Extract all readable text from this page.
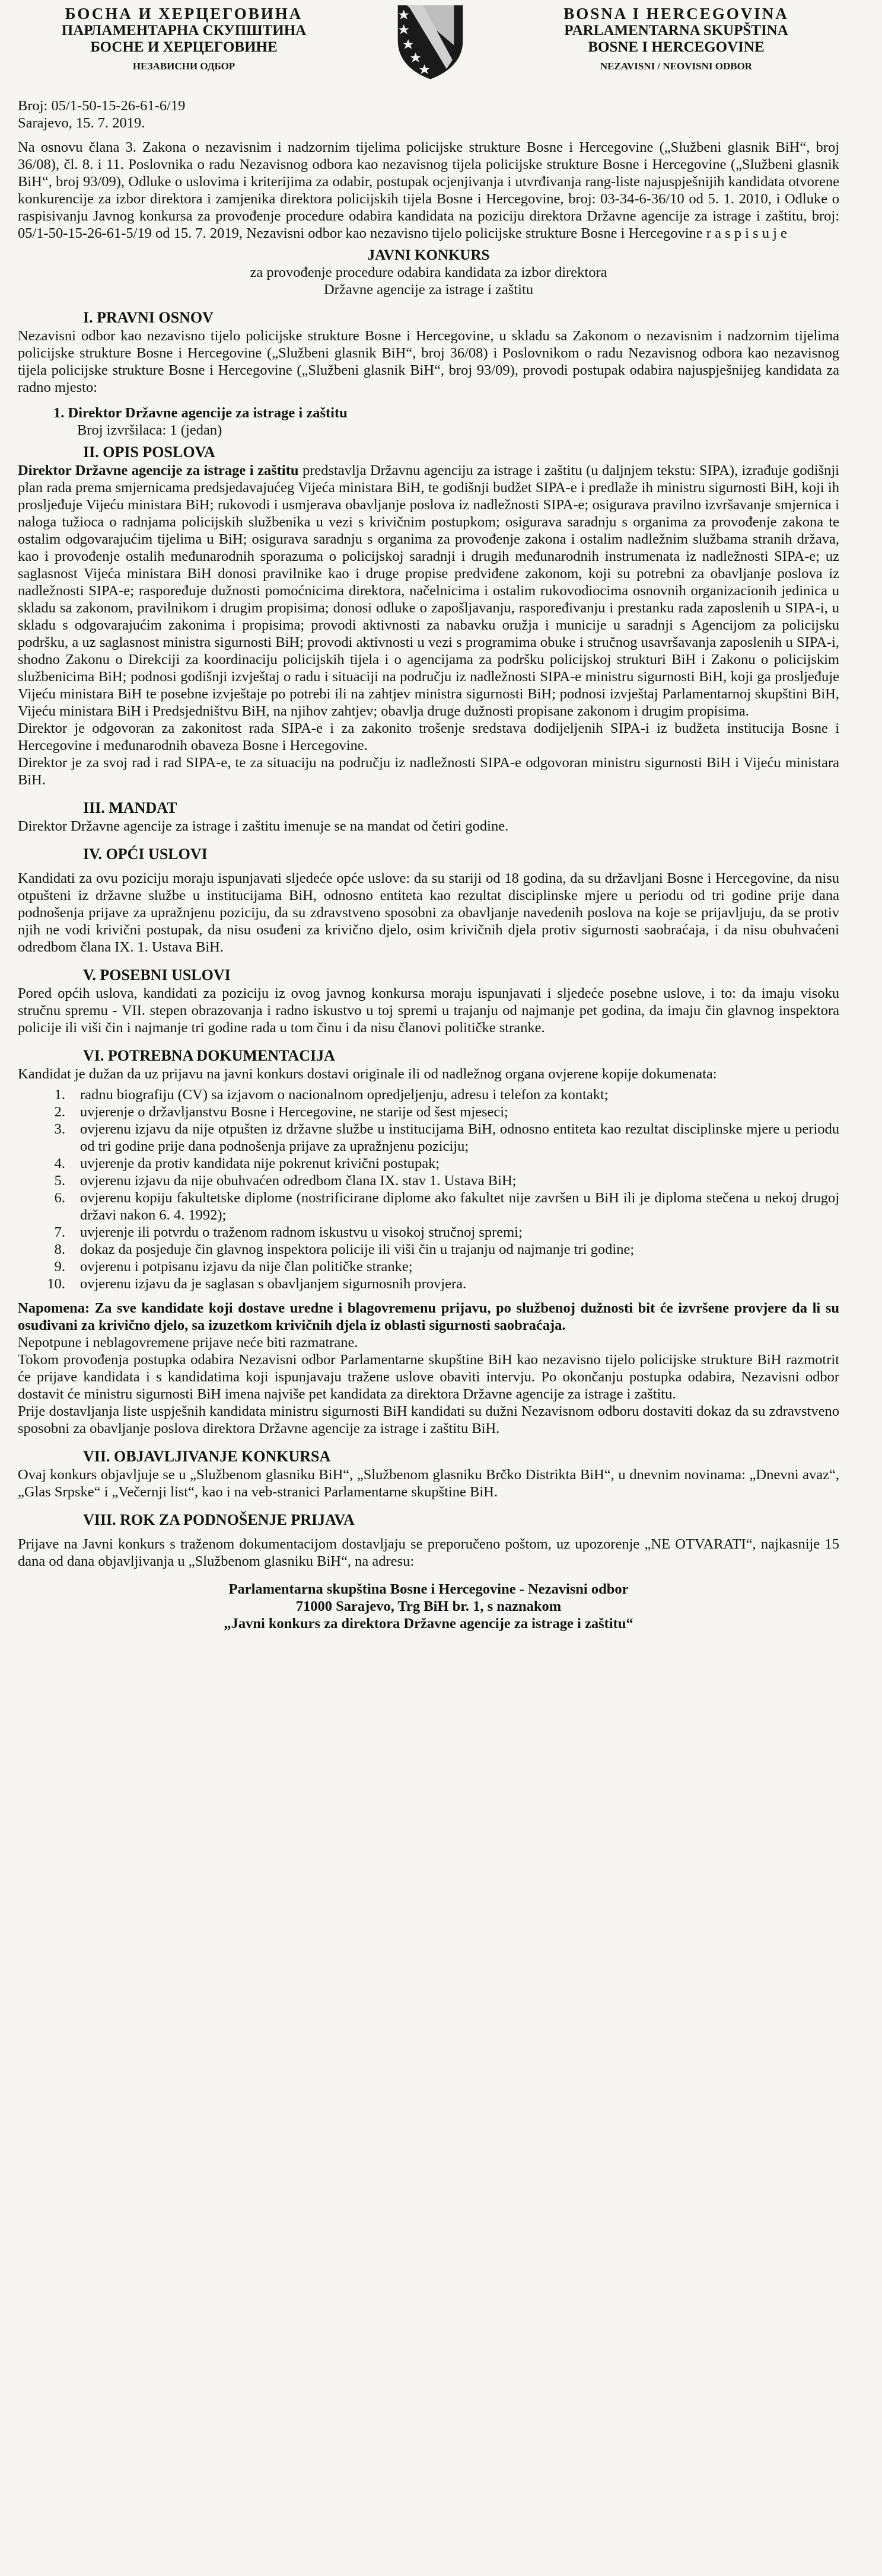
БОСНА И ХЕРЦЕГОВИНА
ПАРЛАМЕНТАРНА СКУПШТИНА
БОСНЕ И ХЕРЦЕГОВИНЕ
НЕЗАВИСНИ ОДБОР
BOSNA I HERCEGOVINA
PARLAMENTARNA SKUPŠTINA
BOSNE I HERCEGOVINE
NEZAVISNI / NEOVISNI ODBOR
Broj: 05/1-50-15-26-61-6/19
Sarajevo, 15. 7. 2019.

Na osnovu člana 3. Zakona o nezavisnim i nadzornim tijelima policijske strukture Bosne i Hercegovine („Službeni glasnik BiH“, broj 36/08), čl. 8. i 11. Poslovnika o radu Nezavisnog odbora kao nezavisnog tijela policijske strukture Bosne i Hercegovine („Službeni glasnik BiH“, broj 93/09), Odluke o uslovima i kriterijima za odabir, postupak ocjenjivanja i utvrđivanja rang-liste najuspješnijih kandidata otvorene konkurencije za izbor direktora i zamjenika direktora policijskih tijela Bosne i Hercegovine, broj: 03-34-6-36/10 od 5. 1. 2010, i Odluke o raspisivanju Javnog konkursa za provođenje procedure odabira kandidata na poziciju direktora Državne agencije za istrage i zaštitu, broj: 05/1-50-15-26-61-5/19 od 15. 7. 2019, Nezavisni odbor kao nezavisno tijelo policijske strukture Bosne i Hercegovine r a s p i s u j e

JAVNI KONKURS
za provođenje procedure odabira kandidata za izbor direktora
Državne agencije za istrage i zaštitu
I. PRAVNI OSNOV

Nezavisni odbor kao nezavisno tijelo policijske strukture Bosne i Hercegovine, u skladu sa Zakonom o nezavisnim i nadzornim tijelima policijske strukture Bosne i Hercegovine („Službeni glasnik BiH“, broj 36/08) i Poslovnikom o radu Nezavisnog odbora kao nezavisnog tijela policijske strukture Bosne i Hercegovine („Službeni glasnik BiH“, broj 93/09), provodi postupak odabira najuspješnijeg kandidata za radno mjesto:

1. Direktor Državne agencije za istrage i zaštitu
Broj izvršilaca: 1 (jedan)
II. OPIS POSLOVA

Direktor Državne agencije za istrage i zaštitu predstavlja Državnu agenciju za istrage i zaštitu (u daljnjem tekstu: SIPA), izrađuje godišnji plan rada prema smjernicama predsjedavajućeg Vijeća ministara BiH, te godišnji budžet SIPA-e i predlaže ih ministru sigurnosti BiH, koji ih prosljeđuje Vijeću ministara BiH; rukovodi i usmjerava obavljanje poslova iz nadležnosti SIPA-e; osigurava pravilno izvršavanje smjernica i naloga tužioca o radnjama policijskih službenika u vezi s krivičnim postupkom; osigurava saradnju s organima za provođenje zakona te ostalim odgovarajućim tijelima u BiH; osigurava saradnju s organima za provođenje zakona i ostalim nadležnim službama stranih država, kao i provođenje ostalih međunarodnih sporazuma o policijskoj saradnji i drugih međunarodnih instrumenata iz nadležnosti SIPA-e; uz saglasnost Vijeća ministara BiH donosi pravilnike kao i druge propise predviđene zakonom, koji su potrebni za obavljanje poslova iz nadležnosti SIPA-e; raspoređuje dužnosti pomoćnicima direktora, načelnicima i ostalim rukovodiocima osnovnih organizacionih jedinica u skladu sa zakonom, pravilnikom i drugim propisima; donosi odluke o zapošljavanju, raspoređivanju i prestanku rada zaposlenih u SIPA-i, u skladu s odgovarajućim zakonima i propisima; provodi aktivnosti za nabavku oružja i municije u saradnji s Agencijom za policijsku podršku, a uz saglasnost ministra sigurnosti BiH; provodi aktivnosti u vezi s programima obuke i stručnog usavršavanja zaposlenih u SIPA-i, shodno Zakonu o Direkciji za koordinaciju policijskih tijela i o agencijama za podršku policijskoj strukturi BiH i Zakonu o policijskim službenicima BiH; podnosi godišnji izvještaj o radu i situaciji na području iz nadležnosti SIPA-e ministru sigurnosti BiH, koji ga prosljeđuje Vijeću ministara BiH te posebne izvještaje po potrebi ili na zahtjev ministra sigurnosti BiH; podnosi izvještaj Parlamentarnoj skupštini BiH, Vijeću ministara BiH i Predsjedništvu BiH, na njihov zahtjev; obavlja druge dužnosti propisane zakonom i drugim propisima.

Direktor je odgovoran za zakonitost rada SIPA-e i za zakonito trošenje sredstava dodijeljenih SIPA-i iz budžeta institucija Bosne i Hercegovine i međunarodnih obaveza Bosne i Hercegovine.

Direktor je za svoj rad i rad SIPA-e, te za situaciju na području iz nadležnosti SIPA-e odgovoran ministru sigurnosti BiH i Vijeću ministara BiH.

III. MANDAT

Direktor Državne agencije za istrage i zaštitu imenuje se na mandat od četiri godine.

IV. OPĆI USLOVI

Kandidati za ovu poziciju moraju ispunjavati sljedeće opće uslove: da su stariji od 18 godina, da su državljani Bosne i Hercegovine, da nisu otpušteni iz državne službe u institucijama BiH, odnosno entiteta kao rezultat disciplinske mjere u periodu od tri godine prije dana podnošenja prijave za upražnjenu poziciju, da su zdravstveno sposobni za obavljanje navedenih poslova na koje se prijavljuju, da se protiv njih ne vodi krivični postupak, da nisu osuđeni za krivično djelo, osim krivičnih djela protiv sigurnosti saobraćaja, i da nisu obuhvaćeni odredbom člana IX. 1. Ustava BiH.

V. POSEBNI USLOVI

Pored općih uslova, kandidati za poziciju iz ovog javnog konkursa moraju ispunjavati i sljedeće posebne uslove, i to: da imaju visoku stručnu spremu - VII. stepen obrazovanja i radno iskustvo u toj spremi u trajanju od najmanje pet godina, da imaju čin glavnog inspektora policije ili viši čin i najmanje tri godine rada u tom činu i da nisu članovi političke stranke.

VI. POTREBNA DOKUMENTACIJA

Kandidat je dužan da uz prijavu na javni konkurs dostavi originale ili od nadležnog organa ovjerene kopije dokumenata:

1. radnu biografiju (CV) sa izjavom o nacionalnom opredjeljenju, adresu i telefon za kontakt;
2. uvjerenje o državljanstvu Bosne i Hercegovine, ne starije od šest mjeseci;
3. ovjerenu izjavu da nije otpušten iz državne službe u institucijama BiH, odnosno entiteta kao rezultat disciplinske mjere u periodu od tri godine prije dana podnošenja prijave za upražnjenu poziciju;
4. uvjerenje da protiv kandidata nije pokrenut krivični postupak;
5. ovjerenu izjavu da nije obuhvaćen odredbom člana IX. stav 1. Ustava BiH;
6. ovjerenu kopiju fakultetske diplome (nostrificirane diplome ako fakultet nije završen u BiH ili je diploma stečena u nekoj drugoj državi nakon 6. 4. 1992);
7. uvjerenje ili potvrdu o traženom radnom iskustvu u visokoj stručnoj spremi;
8. dokaz da posjeduje čin glavnog inspektora policije ili viši čin u trajanju od najmanje tri godine;
9. ovjerenu i potpisanu izjavu da nije član političke stranke;
10. ovjerenu izjavu da je saglasan s obavljanjem sigurnosnih provjera.

Napomena: Za sve kandidate koji dostave uredne i blagovremenu prijavu, po službenoj dužnosti bit će izvršene provjere da li su osuđivani za krivično djelo, sa izuzetkom krivičnih djela iz oblasti sigurnosti saobraćaja.

Nepotpune i neblagovremene prijave neće biti razmatrane.

Tokom provođenja postupka odabira Nezavisni odbor Parlamentarne skupštine BiH kao nezavisno tijelo policijske strukture BiH razmotrit će prijave kandidata i s kandidatima koji ispunjavaju tražene uslove obaviti intervju. Po okončanju postupka odabira, Nezavisni odbor dostavit će ministru sigurnosti BiH imena najviše pet kandidata za direktora Državne agencije za istrage i zaštitu.

Prije dostavljanja liste uspješnih kandidata ministru sigurnosti BiH kandidati su dužni Nezavisnom odboru dostaviti dokaz da su zdravstveno sposobni za obavljanje poslova direktora Državne agencije za istrage i zaštitu BiH.

VII. OBJAVLJIVANJE KONKURSA

Ovaj konkurs objavljuje se u „Službenom glasniku BiH“, „Službenom glasniku Brčko Distrikta BiH“, u dnevnim novinama: „Dnevni avaz“, „Glas Srpske“ i „Večernji list“, kao i na veb-stranici Parlamentarne skupštine BiH.

VIII. ROK ZA PODNOŠENJE PRIJAVA

Prijave na Javni konkurs s traženom dokumentacijom dostavljaju se preporučeno poštom, uz upozorenje „NE OTVARATI“, najkasnije 15 dana od dana objavljivanja u „Službenom glasniku BiH“, na adresu:

Parlamentarna skupština Bosne i Hercegovine - Nezavisni odbor
71000 Sarajevo, Trg BiH br. 1, s naznakom
„Javni konkurs za direktora Državne agencije za istrage i zaštitu“
